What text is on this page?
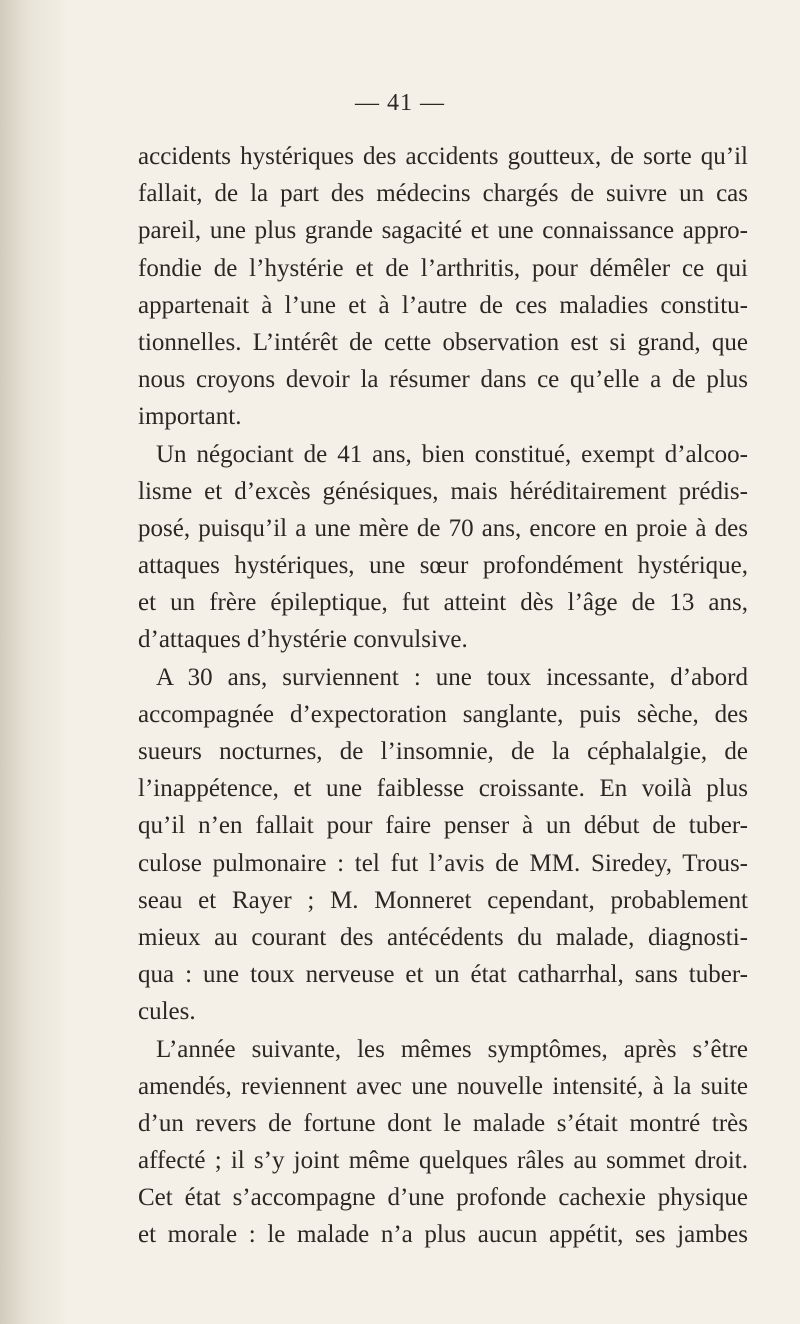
— 41 —
accidents hystériques des accidents goutteux, de sorte qu’il
fallait, de la part des médecins chargés de suivre un cas
pareil, une plus grande sagacité et une connaissance appro-
fondie de l’hystérie et de l’arthritis, pour démêler ce qui
appartenait à l’une et à l’autre de ces maladies constitu-
tionnelles. L’intérêt de cette observation est si grand, que
nous croyons devoir la résumer dans ce qu’elle a de plus
important.
Un négociant de 41 ans, bien constitué, exempt d’alcoo-
lisme et d’excès génésiques, mais héréditairement prédis-
posé, puisqu’il a une mère de 70 ans, encore en proie à des
attaques hystériques, une sœur profondément hystérique,
et un frère épileptique, fut atteint dès l’âge de 13 ans,
d’attaques d’hystérie convulsive.
A 30 ans, surviennent : une toux incessante, d’abord
accompagnée d’expectoration sanglante, puis sèche, des
sueurs nocturnes, de l’insomnie, de la céphalalgie, de
l’inappétence, et une faiblesse croissante. En voilà plus
qu’il n’en fallait pour faire penser à un début de tuber-
culose pulmonaire : tel fut l’avis de MM. Siredey, Trous-
seau et Rayer ; M. Monneret cependant, probablement
mieux au courant des antécédents du malade, diagnosti-
qua : une toux nerveuse et un état catharrhal, sans tuber-
cules.
L’année suivante, les mêmes symptômes, après s’être
amendés, reviennent avec une nouvelle intensité, à la suite
d’un revers de fortune dont le malade s’était montré très
affecté ; il s’y joint même quelques râles au sommet droit.
Cet état s’accompagne d’une profonde cachexie physique
et morale : le malade n’a plus aucun appétit, ses jambes
